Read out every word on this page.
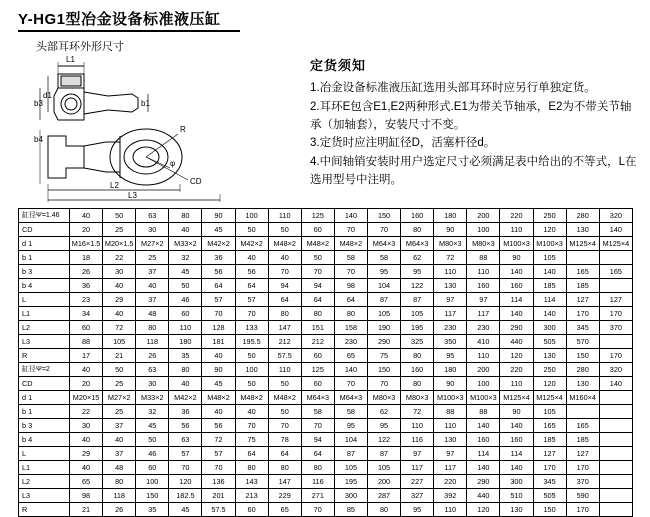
Y-HG1型冶金设备标准液压缸
头部耳环外形尺寸
L1
b4
b3
d1
b1
R
φ
CD
L2
L3
定货须知
1.冶金设备标准液压缸选用头部耳环时应另行单独定货。
2.耳环E包含E1,E2两种形式.E1为带关节轴承，E2为不带关节轴承（加轴套），安装尺寸不变。
3.定货时应注明缸径D，活塞杆径d。
4.中间轴销安装时用户选定尺寸必须满足表中给出的不等式，L在选用型号中注明。
缸径Ψ=1.46	40	50	63	80	90	100	110	125	140	150	160	180	200	220	250	280	320
CD	20	25	30	40	45	50	50	60	70	70	80	90	100	110	120	130	140
d 1	M16×1.5	M20×1.5	M27×2	M33×2	M42×2	M42×2	M48×2	M48×2	M48×2	M64×3	M64×3	M80×3	M80×3	M100×3	M100×3	M125×4	M125×4
b 1	18	22	25	32	36	40	40	50	58	58	62	72	88	90	105		
b 3	26	30	37	45	56	56	70	70	70	95	95	110	110	140	140	165	165
b 4	36	40	40	50	64	64	94	94	98	104	122	130	160	160	185	185	
L	23	29	37	46	57	57	64	64	64	87	87	97	97	114	114	127	127
L1	34	40	48	60	70	70	80	80	80	105	105	117	117	140	140	170	170
L2	60	72	80	110	128	133	147	151	158	190	195	230	230	290	300	345	370
L3	88	105	118	180	181	195.5	212	212	230	290	325	350	410	440	505	570	
R	17	21	26	35	40	50	57.5	60	65	75	80	95	110	120	130	150	170
缸径Ψ=2	40	50	63	80	90	100	110	125	140	150	160	180	200	220	250	280	320
CD	20	25	30	40	45	50	50	60	70	70	80	90	100	110	120	130	140
d 1	M20×15	M27×2	M33×2	M42×2	M48×2	M48×2	M48×2	M64×3	M64×3	M80×3	M80×3	M100×3	M100×3	M125×4	M125×4	M160×4	
b 1	22	25	32	36	40	40	50	58	58	62	72	88	88	90	105		
b 3	30	37	45	56	56	70	70	70	95	95	110	110	140	140	165	165	
b 4	40	40	50	63	72	75	78	94	104	122	116	130	160	160	185	185	
L	29	37	46	57	57	64	64	64	87	87	97	97	114	114	127	127	
L1	40	48	60	70	70	80	80	80	105	105	117	117	140	140	170	170	
L2	65	80	100	120	136	143	147	116	195	200	227	220	290	300	345	370	
L3	98	118	150	182.5	201	213	229	271	300	287	327	392	440	510	505	590	
R	21	26	35	45	57.5	60	65	70	85	80	95	110	120	130	150	170	
